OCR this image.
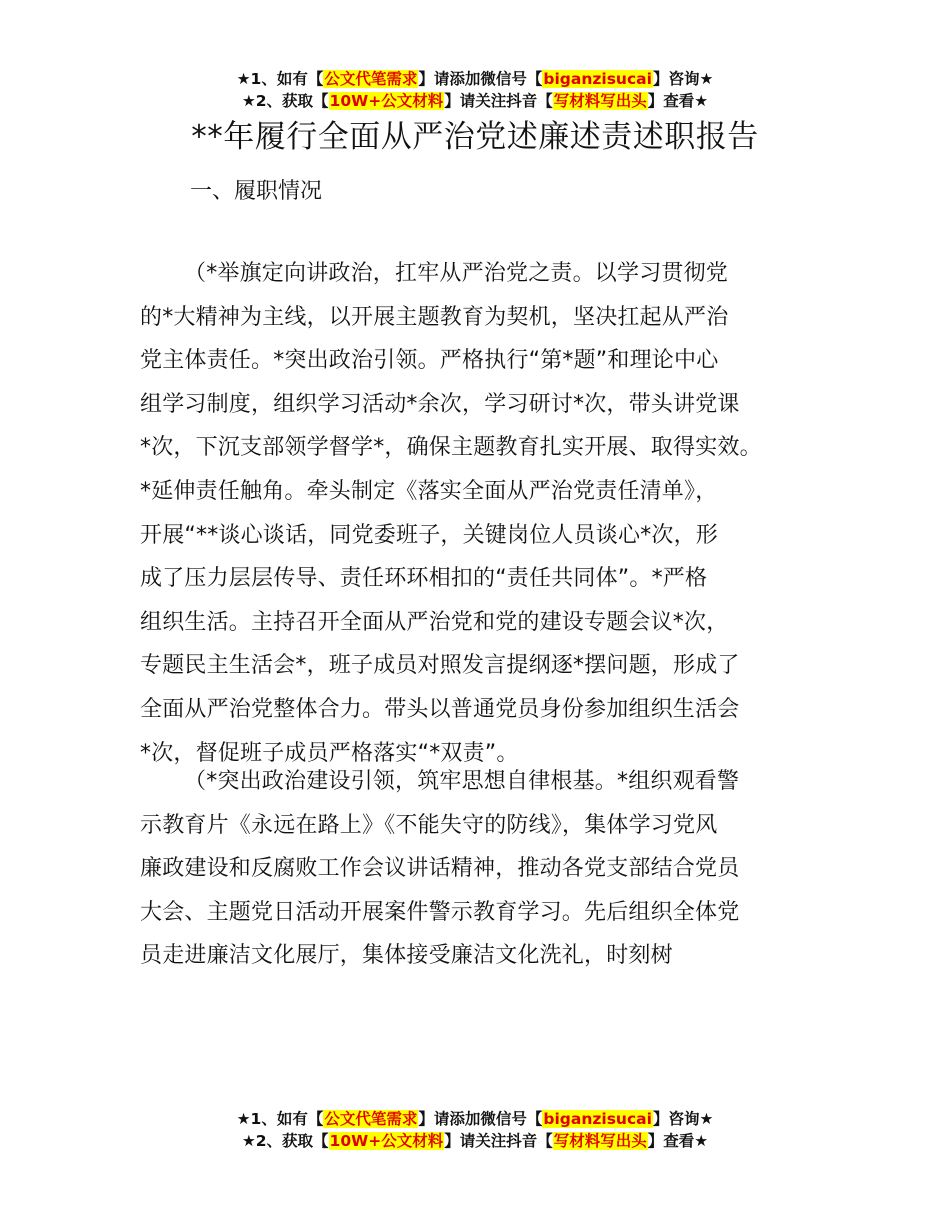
★1、如有【公文代笔需求】请添加微信号【biganzisucai】咨询★
★2、获取【10W+公文材料】请关注抖音【写材料写出头】查看★
**年履行全面从严治党述廉述责述职报告
一、履职情况
（*举旗定向讲政治，扛牢从严治党之责。以学习贯彻党
的*大精神为主线，以开展主题教育为契机，坚决扛起从严治
党主体责任。*突出政治引领。严格执行“第*题”和理论中心
组学习制度，组织学习活动*余次，学习研讨*次，带头讲党课
*次，下沉支部领学督学*，确保主题教育扎实开展、取得实效。
*延伸责任触角。牵头制定《落实全面从严治党责任清单》，
开展“**谈心谈话，同党委班子，关键岗位人员谈心*次，形
成了压力层层传导、责任环环相扣的“责任共同体”。*严格
组织生活。主持召开全面从严治党和党的建设专题会议*次，
专题民主生活会*，班子成员对照发言提纲逐*摆问题，形成了
全面从严治党整体合力。带头以普通党员身份参加组织生活会
*次，督促班子成员严格落实“*双责”。
（*突出政治建设引领，筑牢思想自律根基。*组织观看警
示教育片《永远在路上》《不能失守的防线》，集体学习党风
廉政建设和反腐败工作会议讲话精神，推动各党支部结合党员
大会、主题党日活动开展案件警示教育学习。先后组织全体党
员走进廉洁文化展厅，集体接受廉洁文化洗礼，时刻树
★1、如有【公文代笔需求】请添加微信号【biganzisucai】咨询★
★2、获取【10W+公文材料】请关注抖音【写材料写出头】查看★
